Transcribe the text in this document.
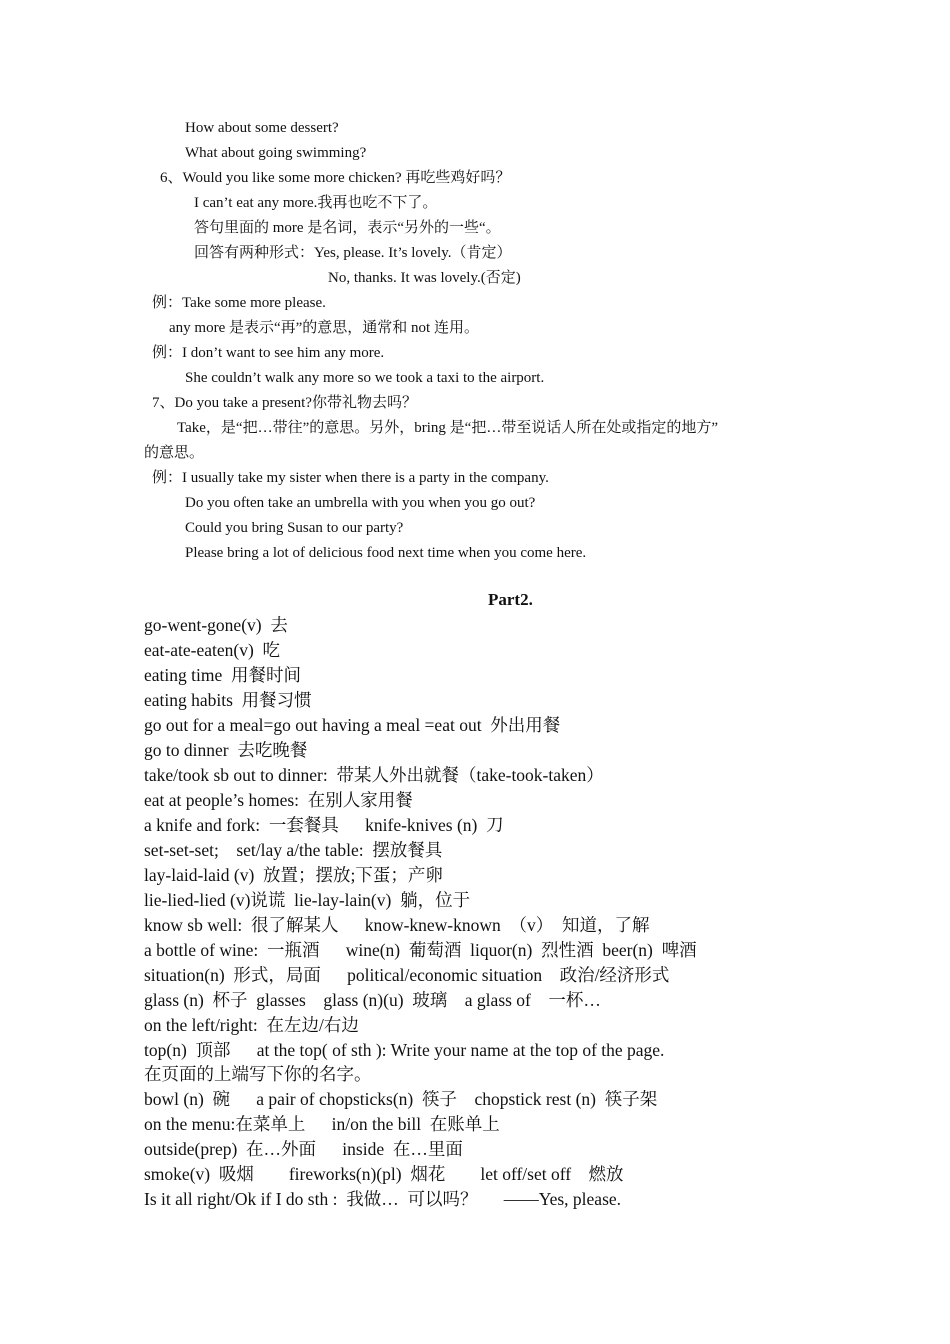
How about some dessert?
What about going swimming?
6、Would you like some more chicken? 再吃些鸡好吗？
I can’t eat any more.我再也吃不下了。
答句里面的 more 是名词，表示“另外的一些“。
回答有两种形式：Yes, please. It’s lovely.（肯定）
No, thanks. It was lovely.(否定)
例：Take some more please.
any more 是表示“再”的意思，通常和 not 连用。
例：I don’t want to see him any more.
She couldn’t walk any more so we took a taxi to the airport.
7、Do you take a present?你带礼物去吗？
Take，是“把…带往”的意思。另外，bring 是“把…带至说话人所在处或指定的地方”
的意思。
例：I usually take my sister when there is a party in the company.
Do you often take an umbrella with you when you go out?
Could you bring Susan to our party?
Please bring a lot of delicious food next time when you come here.
Part2.
go-went-gone(v)  去
eat-ate-eaten(v)  吃
eating time  用餐时间
eating habits  用餐习惯
go out for a meal=go out having a meal =eat out  外出用餐
go to dinner  去吃晚餐
take/took sb out to dinner:  带某人外出就餐（take-took-taken）
eat at people’s homes:  在别人家用餐
a knife and fork:  一套餐具      knife-knives (n)  刀
set-set-set;    set/lay a/the table:  摆放餐具
lay-laid-laid (v)  放置；摆放;下蛋；产卵
lie-lied-lied (v)说谎  lie-lay-lain(v)  躺，位于
know sb well:  很了解某人      know-knew-known  （v）  知道，了解
a bottle of wine:  一瓶酒      wine(n)  葡萄酒  liquor(n)  烈性酒  beer(n)  啤酒
situation(n)  形式，局面      political/economic situation    政治/经济形式
glass (n)  杯子  glasses    glass (n)(u)  玻璃    a glass of    一杯…
on the left/right:  在左边/右边
top(n)  顶部      at the top( of sth ): Write your name at the top of the page.
在页面的上端写下你的名字。
bowl (n)  碗      a pair of chopsticks(n)  筷子    chopstick rest (n)  筷子架
on the menu:在菜单上      in/on the bill  在账单上
outside(prep)  在…外面      inside  在…里面
smoke(v)  吸烟        fireworks(n)(pl)  烟花        let off/set off    燃放
Is it all right/Ok if I do sth :  我做…  可以吗？      ——Yes, please.
